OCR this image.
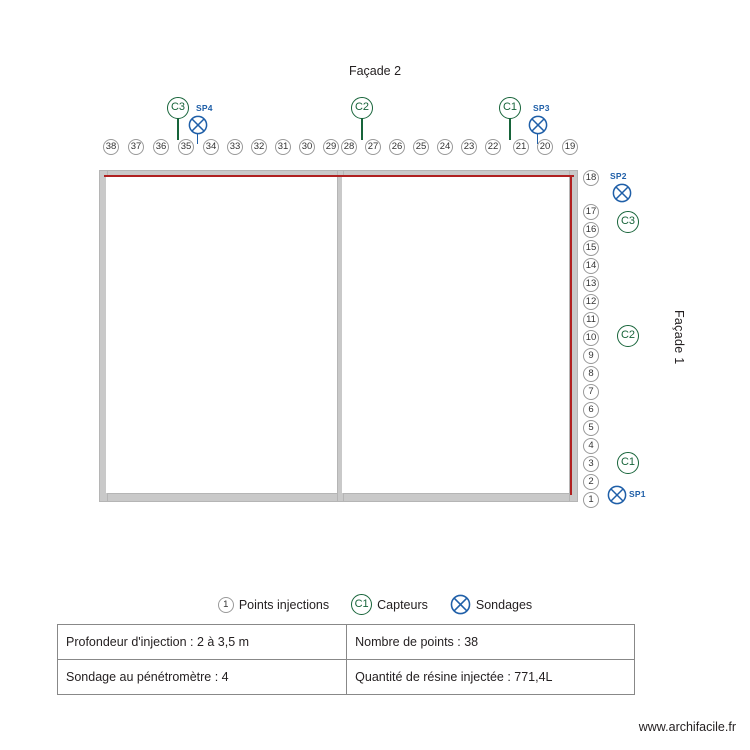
Façade 2
Façade 1
38 37 36 35 34 33 32 31 30 29 28 27 26 25 24 23 22 21 20 19
18
17
16
15
14
13
12
11
10
9
8
7
6
5
4
3
2
1
C3	C2	C1
C3
C2
C1
SP4	SP3
SP2
SP1
1 Points injections	C1 Capteurs	Sondages
Profondeur d'injection : 2 à 3,5 m	Nombre de points : 38
Sondage au pénétromètre : 4	Quantité de résine injectée : 771,4L
www.archifacile.fr
